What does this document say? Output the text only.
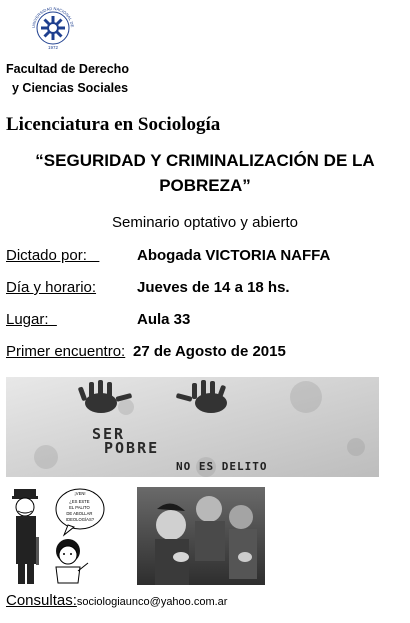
UNIVERSIDAD NACIONAL DE
1972
Facultad de Derecho
y Ciencias Sociales
Licenciatura en Sociología
“SEGURIDAD Y CRIMINALIZACIÓN DE LA
POBREZA”
Seminario optativo y abierto
Dictado por:	Abogada VICTORIA NAFFA
Día y horario:	Jueves de 14 a 18 hs.
Lugar:	Aula 33
Primer encuentro: 27 de Agosto de 2015
SER
POBRE
NO ES DELITO
¡VEN!
¿ES ESTE EL PALITO DE ABOLLAR IDEOLOGÍAS?
Consultas:sociologiaunco@yahoo.com.ar
